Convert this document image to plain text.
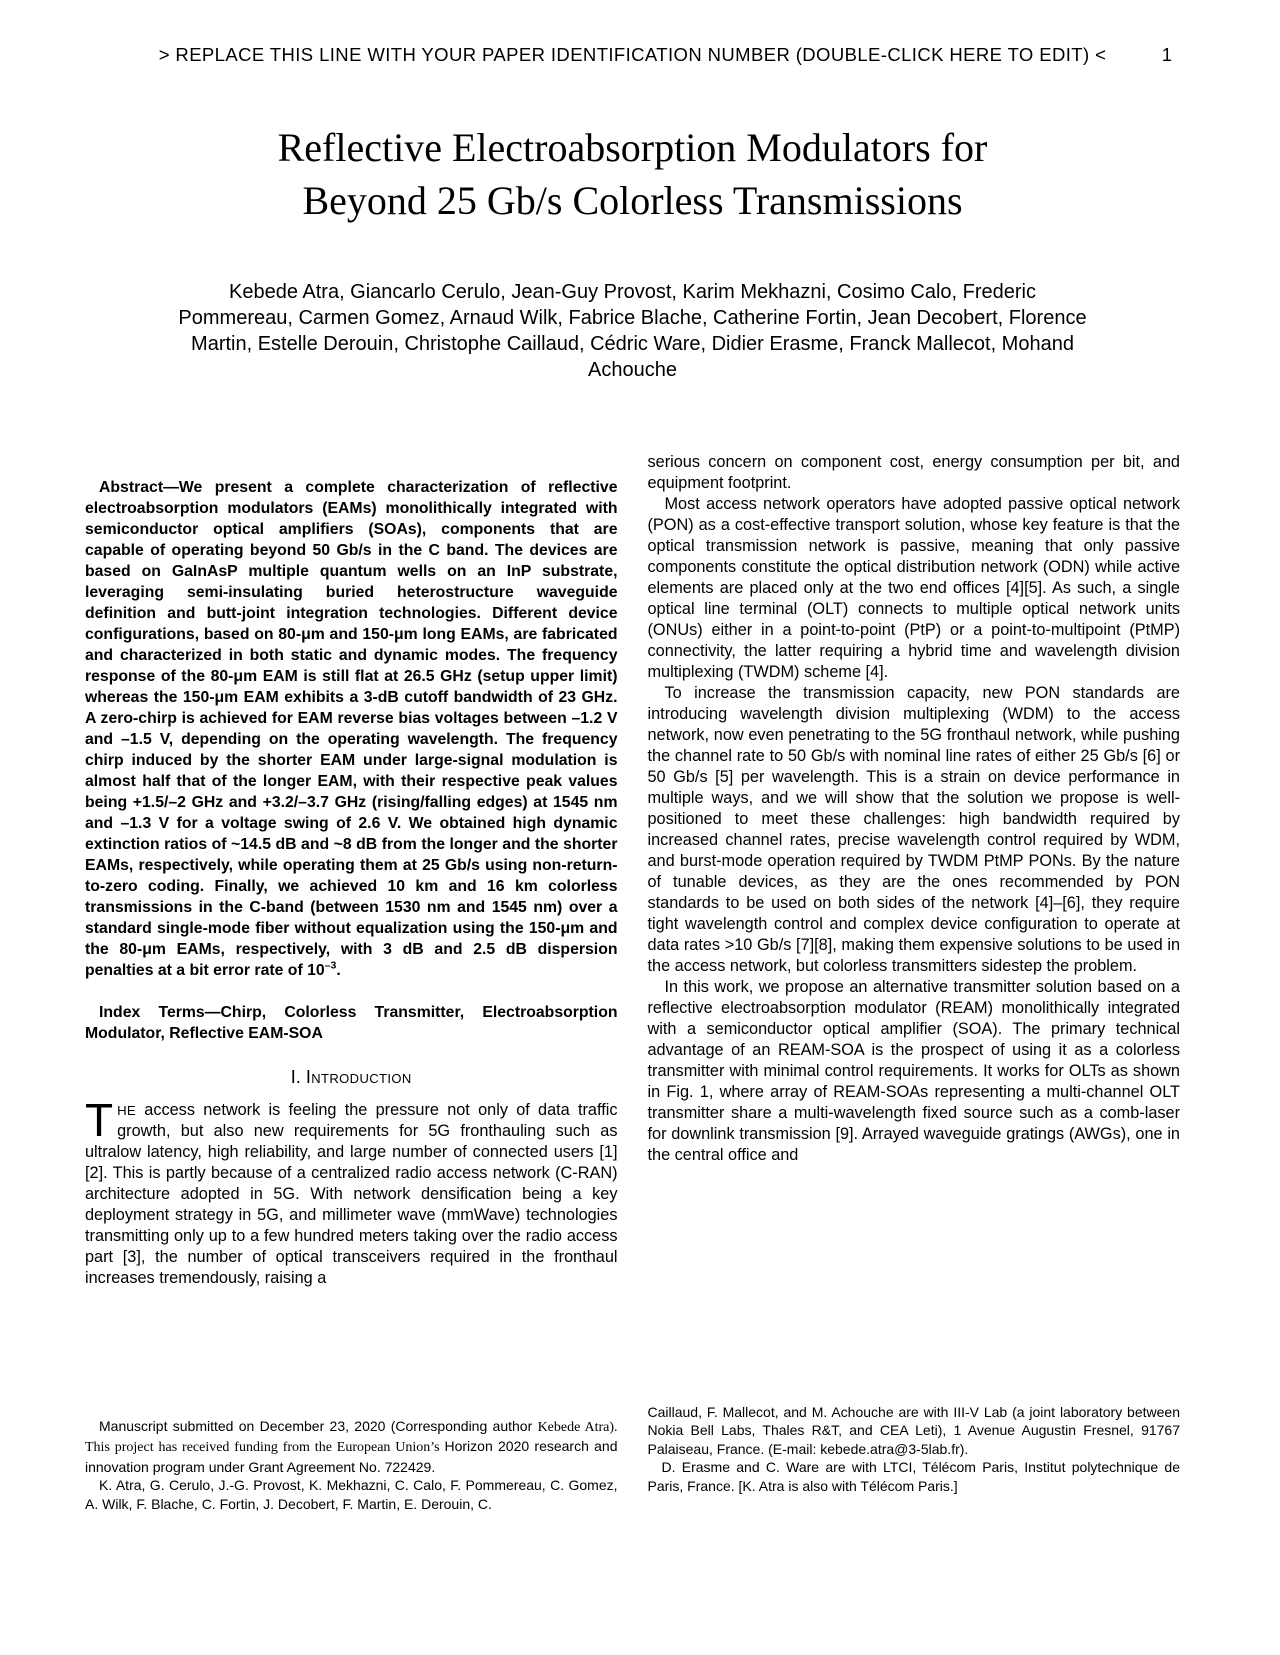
> REPLACE THIS LINE WITH YOUR PAPER IDENTIFICATION NUMBER (DOUBLE-CLICK HERE TO EDIT) <	1
Reflective Electroabsorption Modulators for
Beyond 25 Gb/s Colorless Transmissions
Kebede Atra, Giancarlo Cerulo, Jean-Guy Provost, Karim Mekhazni, Cosimo Calo, Frederic
Pommereau, Carmen Gomez, Arnaud Wilk, Fabrice Blache, Catherine Fortin, Jean Decobert, Florence
Martin, Estelle Derouin, Christophe Caillaud, Cédric Ware, Didier Erasme, Franck Mallecot, Mohand
Achouche

Abstract—We present a complete characterization of reflective electroabsorption modulators (EAMs) monolithically integrated with semiconductor optical amplifiers (SOAs), components that are capable of operating beyond 50 Gb/s in the C band. The devices are based on GaInAsP multiple quantum wells on an InP substrate, leveraging semi-insulating buried heterostructure waveguide definition and butt-joint integration technologies. Different device configurations, based on 80-μm and 150-μm long EAMs, are fabricated and characterized in both static and dynamic modes. The frequency response of the 80-μm EAM is still flat at 26.5 GHz (setup upper limit) whereas the 150-μm EAM exhibits a 3-dB cutoff bandwidth of 23 GHz. A zero-chirp is achieved for EAM reverse bias voltages between –1.2 V and –1.5 V, depending on the operating wavelength. The frequency chirp induced by the shorter EAM under large-signal modulation is almost half that of the longer EAM, with their respective peak values being +1.5/–2 GHz and +3.2/–3.7 GHz (rising/falling edges) at 1545 nm and –1.3 V for a voltage swing of 2.6 V. We obtained high dynamic extinction ratios of ~14.5 dB and ~8 dB from the longer and the shorter EAMs, respectively, while operating them at 25 Gb/s using non-return-to-zero coding. Finally, we achieved 10 km and 16 km colorless transmissions in the C-band (between 1530 nm and 1545 nm) over a standard single-mode fiber without equalization using the 150-μm and the 80-μm EAMs, respectively, with 3 dB and 2.5 dB dispersion penalties at a bit error rate of $10^{-3}$.

Index Terms—Chirp, Colorless Transmitter, Electroabsorption Modulator, Reflective EAM-SOA

I. Introduction

THE access network is feeling the pressure not only of data traffic growth, but also new requirements for 5G fronthauling such as ultralow latency, high reliability, and large number of connected users [1][2]. This is partly because of a centralized radio access network (C-RAN) architecture adopted in 5G. With network densification being a key deployment strategy in 5G, and millimeter wave (mmWave) technologies transmitting only up to a few hundred meters taking over the radio access part [3], the number of optical transceivers required in the fronthaul increases tremendously, raising a

Manuscript submitted on December 23, 2020 (Corresponding author Kebede Atra). This project has received funding from the European Union’s Horizon 2020 research and innovation program under Grant Agreement No. 722429.

K. Atra, G. Cerulo, J.-G. Provost, K. Mekhazni, C. Calo, F. Pommereau, C. Gomez, A. Wilk, F. Blache, C. Fortin, J. Decobert, F. Martin, E. Derouin, C.

serious concern on component cost, energy consumption per bit, and equipment footprint.

Most access network operators have adopted passive optical network (PON) as a cost-effective transport solution, whose key feature is that the optical transmission network is passive, meaning that only passive components constitute the optical distribution network (ODN) while active elements are placed only at the two end offices [4][5]. As such, a single optical line terminal (OLT) connects to multiple optical network units (ONUs) either in a point-to-point (PtP) or a point-to-multipoint (PtMP) connectivity, the latter requiring a hybrid time and wavelength division multiplexing (TWDM) scheme [4].

To increase the transmission capacity, new PON standards are introducing wavelength division multiplexing (WDM) to the access network, now even penetrating to the 5G fronthaul network, while pushing the channel rate to 50 Gb/s with nominal line rates of either 25 Gb/s [6] or 50 Gb/s [5] per wavelength. This is a strain on device performance in multiple ways, and we will show that the solution we propose is well-positioned to meet these challenges: high bandwidth required by increased channel rates, precise wavelength control required by WDM, and burst-mode operation required by TWDM PtMP PONs. By the nature of tunable devices, as they are the ones recommended by PON standards to be used on both sides of the network [4]–[6], they require tight wavelength control and complex device configuration to operate at data rates >10 Gb/s [7][8], making them expensive solutions to be used in the access network, but colorless transmitters sidestep the problem.

In this work, we propose an alternative transmitter solution based on a reflective electroabsorption modulator (REAM) monolithically integrated with a semiconductor optical amplifier (SOA). The primary technical advantage of an REAM-SOA is the prospect of using it as a colorless transmitter with minimal control requirements. It works for OLTs as shown in Fig. 1, where array of REAM-SOAs representing a multi-channel OLT transmitter share a multi-wavelength fixed source such as a comb-laser for downlink transmission [9]. Arrayed waveguide gratings (AWGs), one in the central office and

Caillaud, F. Mallecot, and M. Achouche are with III-V Lab (a joint laboratory between Nokia Bell Labs, Thales R&T, and CEA Leti), 1 Avenue Augustin Fresnel, 91767 Palaiseau, France. (E-mail: kebede.atra@3-5lab.fr).

D. Erasme and C. Ware are with LTCI, Télécom Paris, Institut polytechnique de Paris, France. [K. Atra is also with Télécom Paris.]
